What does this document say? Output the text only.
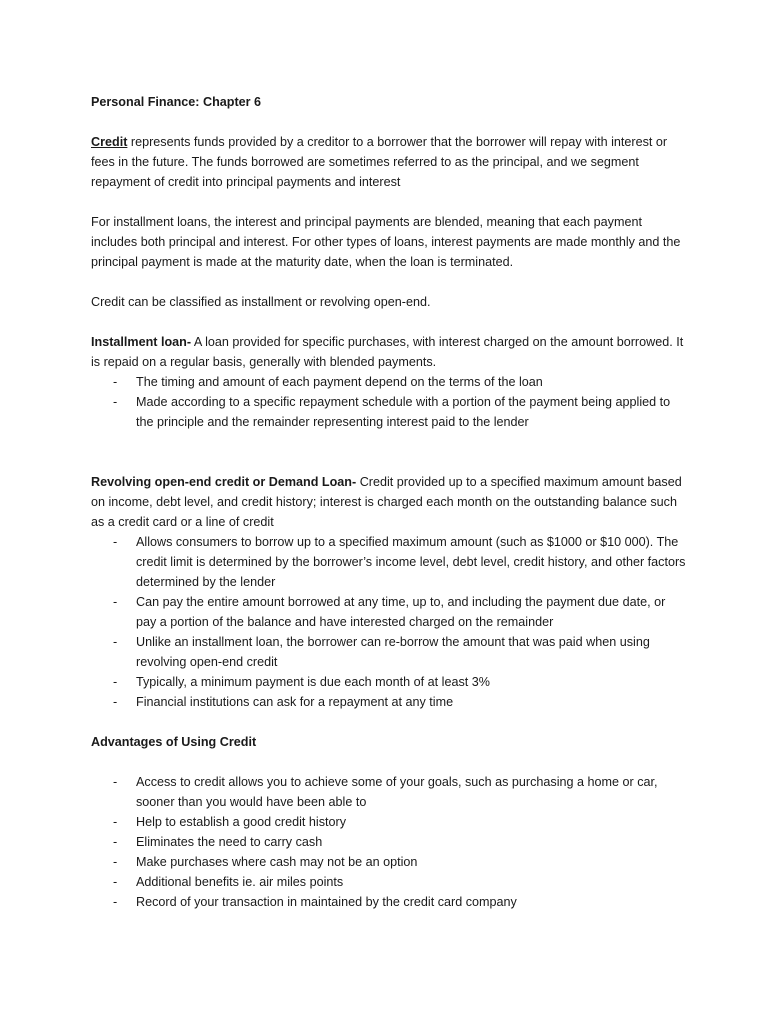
Personal Finance: Chapter 6

Credit represents funds provided by a creditor to a borrower that the borrower will repay with interest or fees in the future. The funds borrowed are sometimes referred to as the principal, and we segment repayment of credit into principal payments and interest

For installment loans, the interest and principal payments are blended, meaning that each payment includes both principal and interest. For other types of loans, interest payments are made monthly and the principal payment is made at the maturity date, when the loan is terminated.

Credit can be classified as installment or revolving open-end.

Installment loan- A loan provided for specific purchases, with interest charged on the amount borrowed. It is repaid on a regular basis, generally with blended payments.

- The timing and amount of each payment depend on the terms of the loan
- Made according to a specific repayment schedule with a portion of the payment being applied to the principle and the remainder representing interest paid to the lender

Revolving open-end credit or Demand Loan- Credit provided up to a specified maximum amount based on income, debt level, and credit history; interest is charged each month on the outstanding balance such as a credit card or a line of credit

- Allows consumers to borrow up to a specified maximum amount (such as $1000 or $10 000). The credit limit is determined by the borrower’s income level, debt level, credit history, and other factors determined by the lender
- Can pay the entire amount borrowed at any time, up to, and including the payment due date, or pay a portion of the balance and have interested charged on the remainder
- Unlike an installment loan, the borrower can re-borrow the amount that was paid when using revolving open-end credit
- Typically, a minimum payment is due each month of at least 3%
- Financial institutions can ask for a repayment at any time

Advantages of Using Credit

- Access to credit allows you to achieve some of your goals, such as purchasing a home or car, sooner than you would have been able to
- Help to establish a good credit history
- Eliminates the need to carry cash
- Make purchases where cash may not be an option
- Additional benefits ie. air miles points
- Record of your transaction in maintained by the credit card company
